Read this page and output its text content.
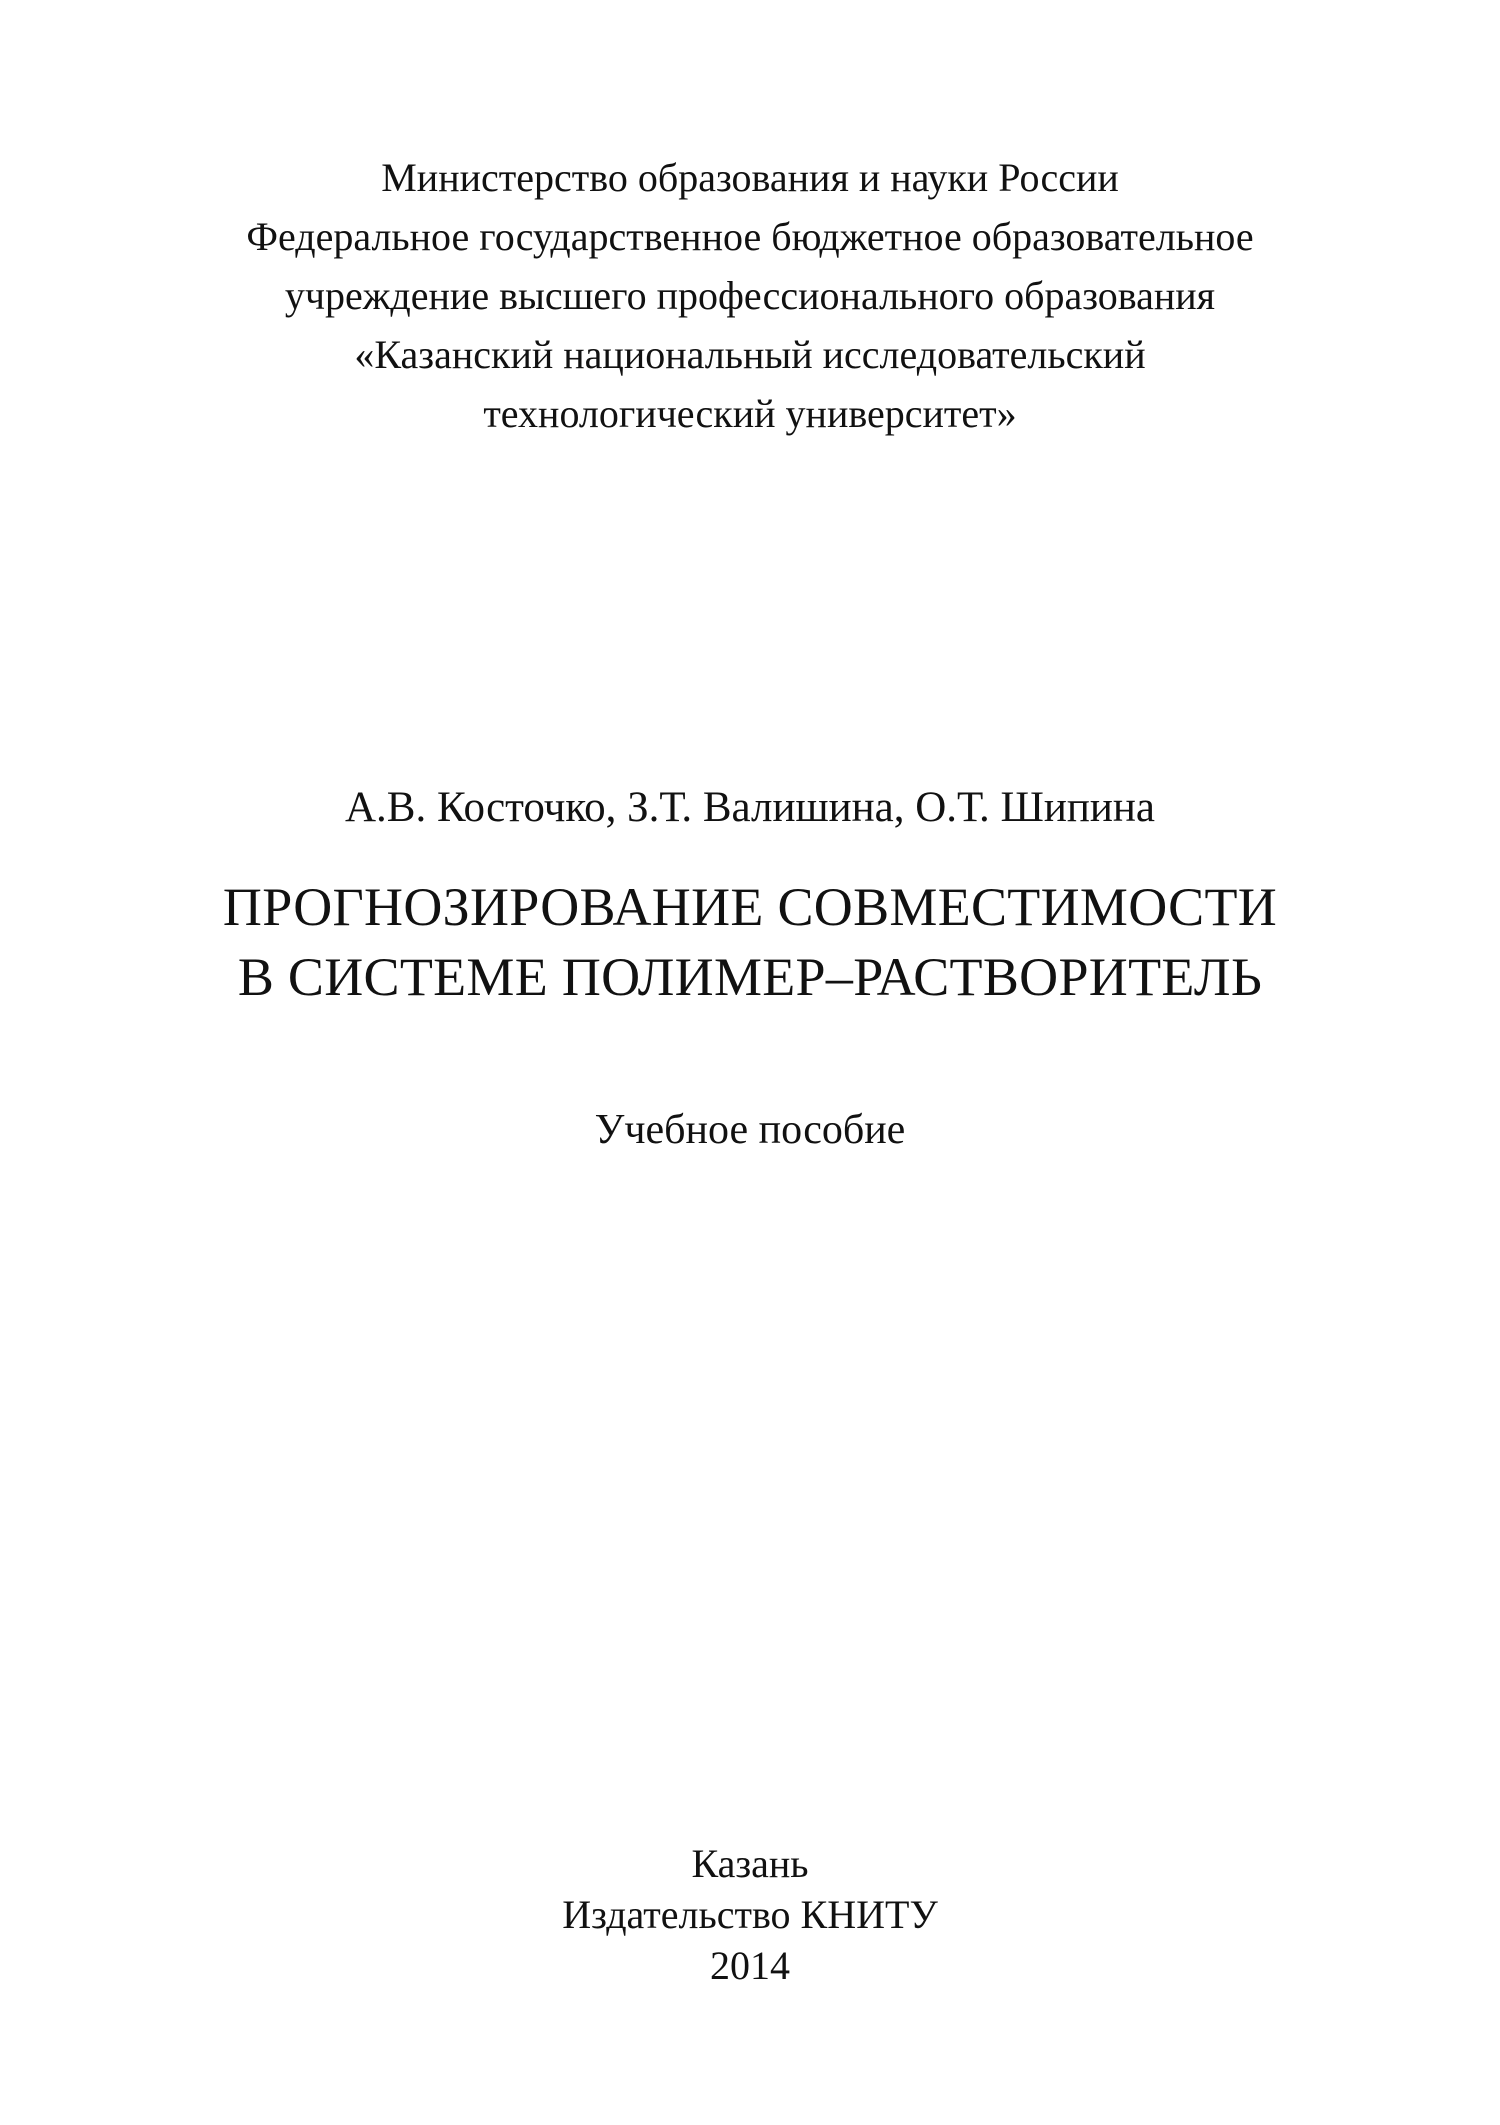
Министерство образования и науки России
Федеральное государственное бюджетное образовательное
учреждение высшего профессионального образования
«Казанский национальный исследовательский
технологический университет»
А.В. Косточко, З.Т. Валишина, О.Т. Шипина
ПРОГНОЗИРОВАНИЕ СОВМЕСТИМОСТИ
В СИСТЕМЕ ПОЛИМЕР–РАСТВОРИТЕЛЬ
Учебное пособие
Казань
Издательство КНИТУ
2014
